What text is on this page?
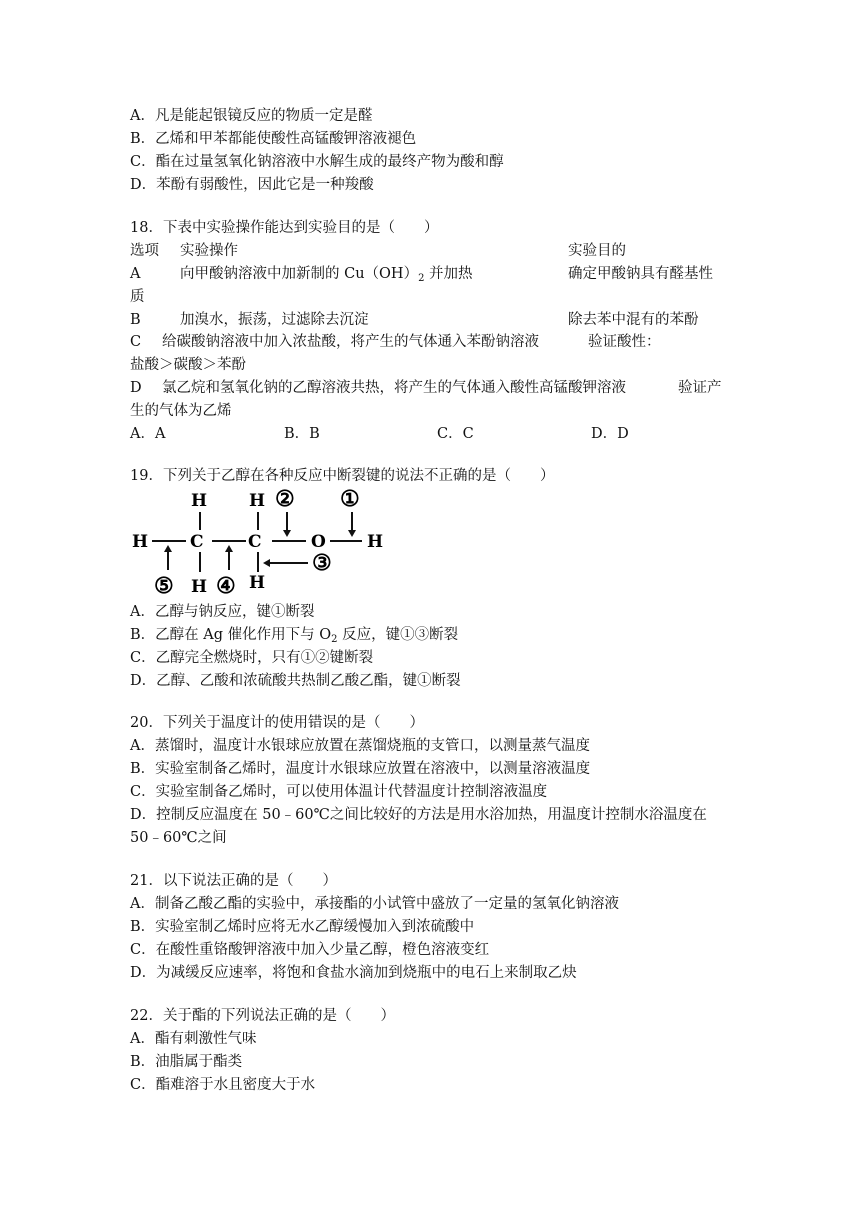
A．凡是能起银镜反应的物质一定是醛
B．乙烯和甲苯都能使酸性高锰酸钾溶液褪色
C．酯在过量氢氧化钠溶液中水解生成的最终产物为酸和醇
D．苯酚有弱酸性，因此它是一种羧酸
18．下表中实验操作能达到实验目的是（　　）
选项 实验操作	实验目的
A	向甲酸钠溶液中加新制的 $Cu(OH)_2$ 并加热	确定甲酸钠具有醛基性
质
B	加溴水，振荡，过滤除去沉淀	除去苯中混有的苯酚
C 给碳酸钠溶液中加入浓盐酸，将产生的气体通入苯酚钠溶液	验证酸性：
盐酸＞碳酸＞苯酚
D 氯乙烷和氢氧化钠的乙醇溶液共热，将产生的气体通入酸性高锰酸钾溶液	验证产
生的气体为乙烯
A．A	B．B	C．C	D．D
19．下列关于乙醇在各种反应中断裂键的说法不正确的是（　　）
H C	C	O H
H H
H H
①
②
③
④
⑤
A．乙醇与钠反应，键①断裂
B．乙醇在 Ag 催化作用下与 $O_2$ 反应，键①③断裂
C．乙醇完全燃烧时，只有①②键断裂
D．乙醇、乙酸和浓硫酸共热制乙酸乙酯，键①断裂
20．下列关于温度计的使用错误的是（　　）
A．蒸馏时，温度计水银球应放置在蒸馏烧瓶的支管口，以测量蒸气温度
B．实验室制备乙烯时，温度计水银球应放置在溶液中，以测量溶液温度
C．实验室制备乙烯时，可以使用体温计代替温度计控制溶液温度
D．控制反应温度在 50﹣60℃之间比较好的方法是用水浴加热，用温度计控制水浴温度在
50﹣60℃之间
21．以下说法正确的是（　　）
A．制备乙酸乙酯的实验中，承接酯的小试管中盛放了一定量的氢氧化钠溶液
B．实验室制乙烯时应将无水乙醇缓慢加入到浓硫酸中
C．在酸性重铬酸钾溶液中加入少量乙醇，橙色溶液变红
D．为减缓反应速率，将饱和食盐水滴加到烧瓶中的电石上来制取乙炔
22．关于酯的下列说法正确的是（　　）
A．酯有刺激性气味
B．油脂属于酯类
C．酯难溶于水且密度大于水
